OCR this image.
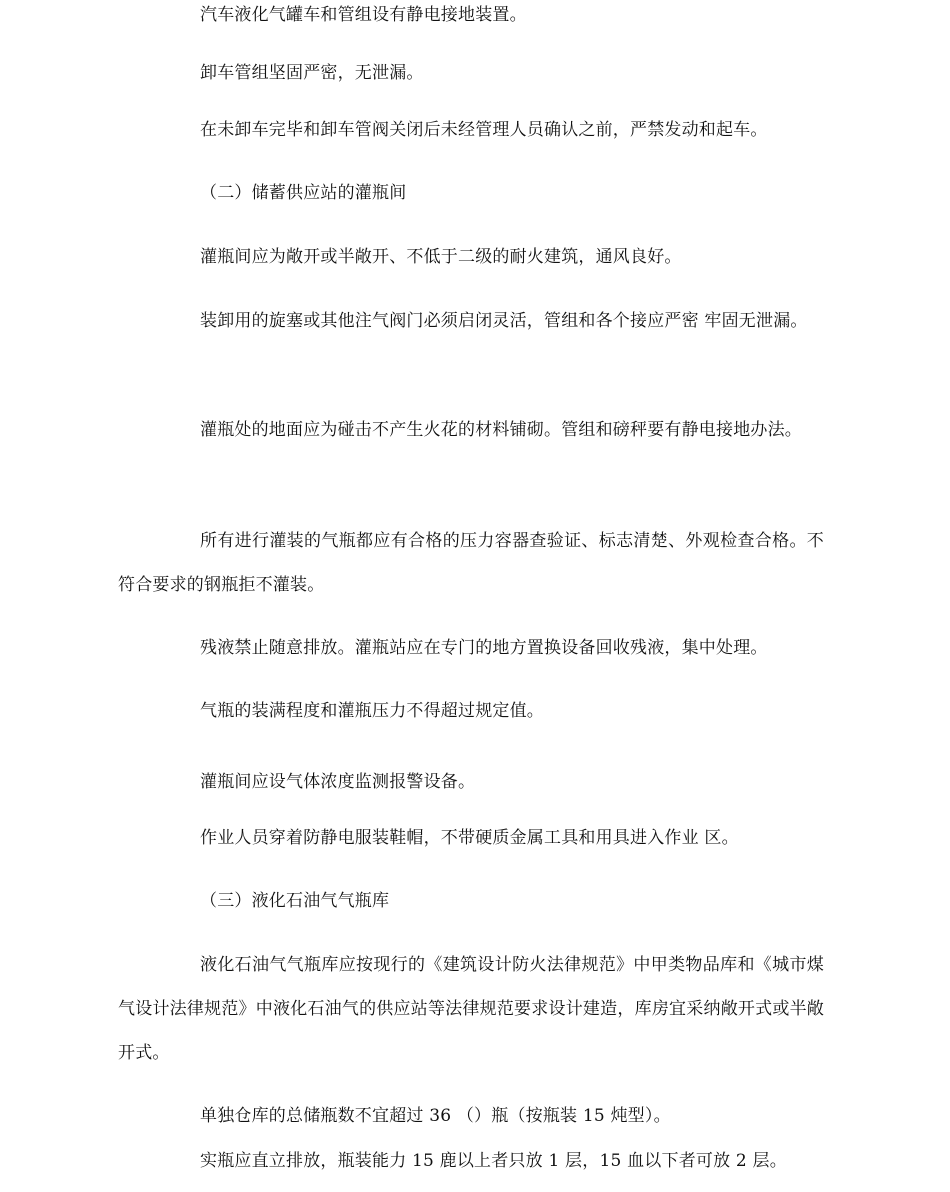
汽车液化气罐车和管组设有静电接地装置。

卸车管组坚固严密，无泄漏。

在未卸车完毕和卸车管阀关闭后未经管理人员确认之前，严禁发动和起车。

（二）储蓄供应站的灌瓶间

灌瓶间应为敞开或半敞开、不低于二级的耐火建筑，通风良好。

装卸用的旋塞或其他注气阀门必须启闭灵活，管组和各个接应严密 牢固无泄漏。

灌瓶处的地面应为碰击不产生火花的材料铺砌。管组和磅秤要有静电接地办法。

所有进行灌装的气瓶都应有合格的压力容器查验证、标志清楚、外观检查合格。不符合要求的钢瓶拒不灌装。

残液禁止随意排放。灌瓶站应在专门的地方置换设备回收残液，集中处理。

气瓶的装满程度和灌瓶压力不得超过规定值。

灌瓶间应设气体浓度监测报警设备。

作业人员穿着防静电服装鞋帽，不带硬质金属工具和用具进入作业 区。

（三）液化石油气气瓶库

液化石油气气瓶库应按现行的《建筑设计防火法律规范》中甲类物品库和《城市煤气设计法律规范》中液化石油气的供应站等法律规范要求设计建造，库房宜采纳敞开式或半敞开式。

单独仓库的总储瓶数不宜超过 36 （）瓶（按瓶装 15 炖型）。

实瓶应直立排放，瓶装能力 15 鹿以上者只放 1 层，15 血以下者可放 2 层。
